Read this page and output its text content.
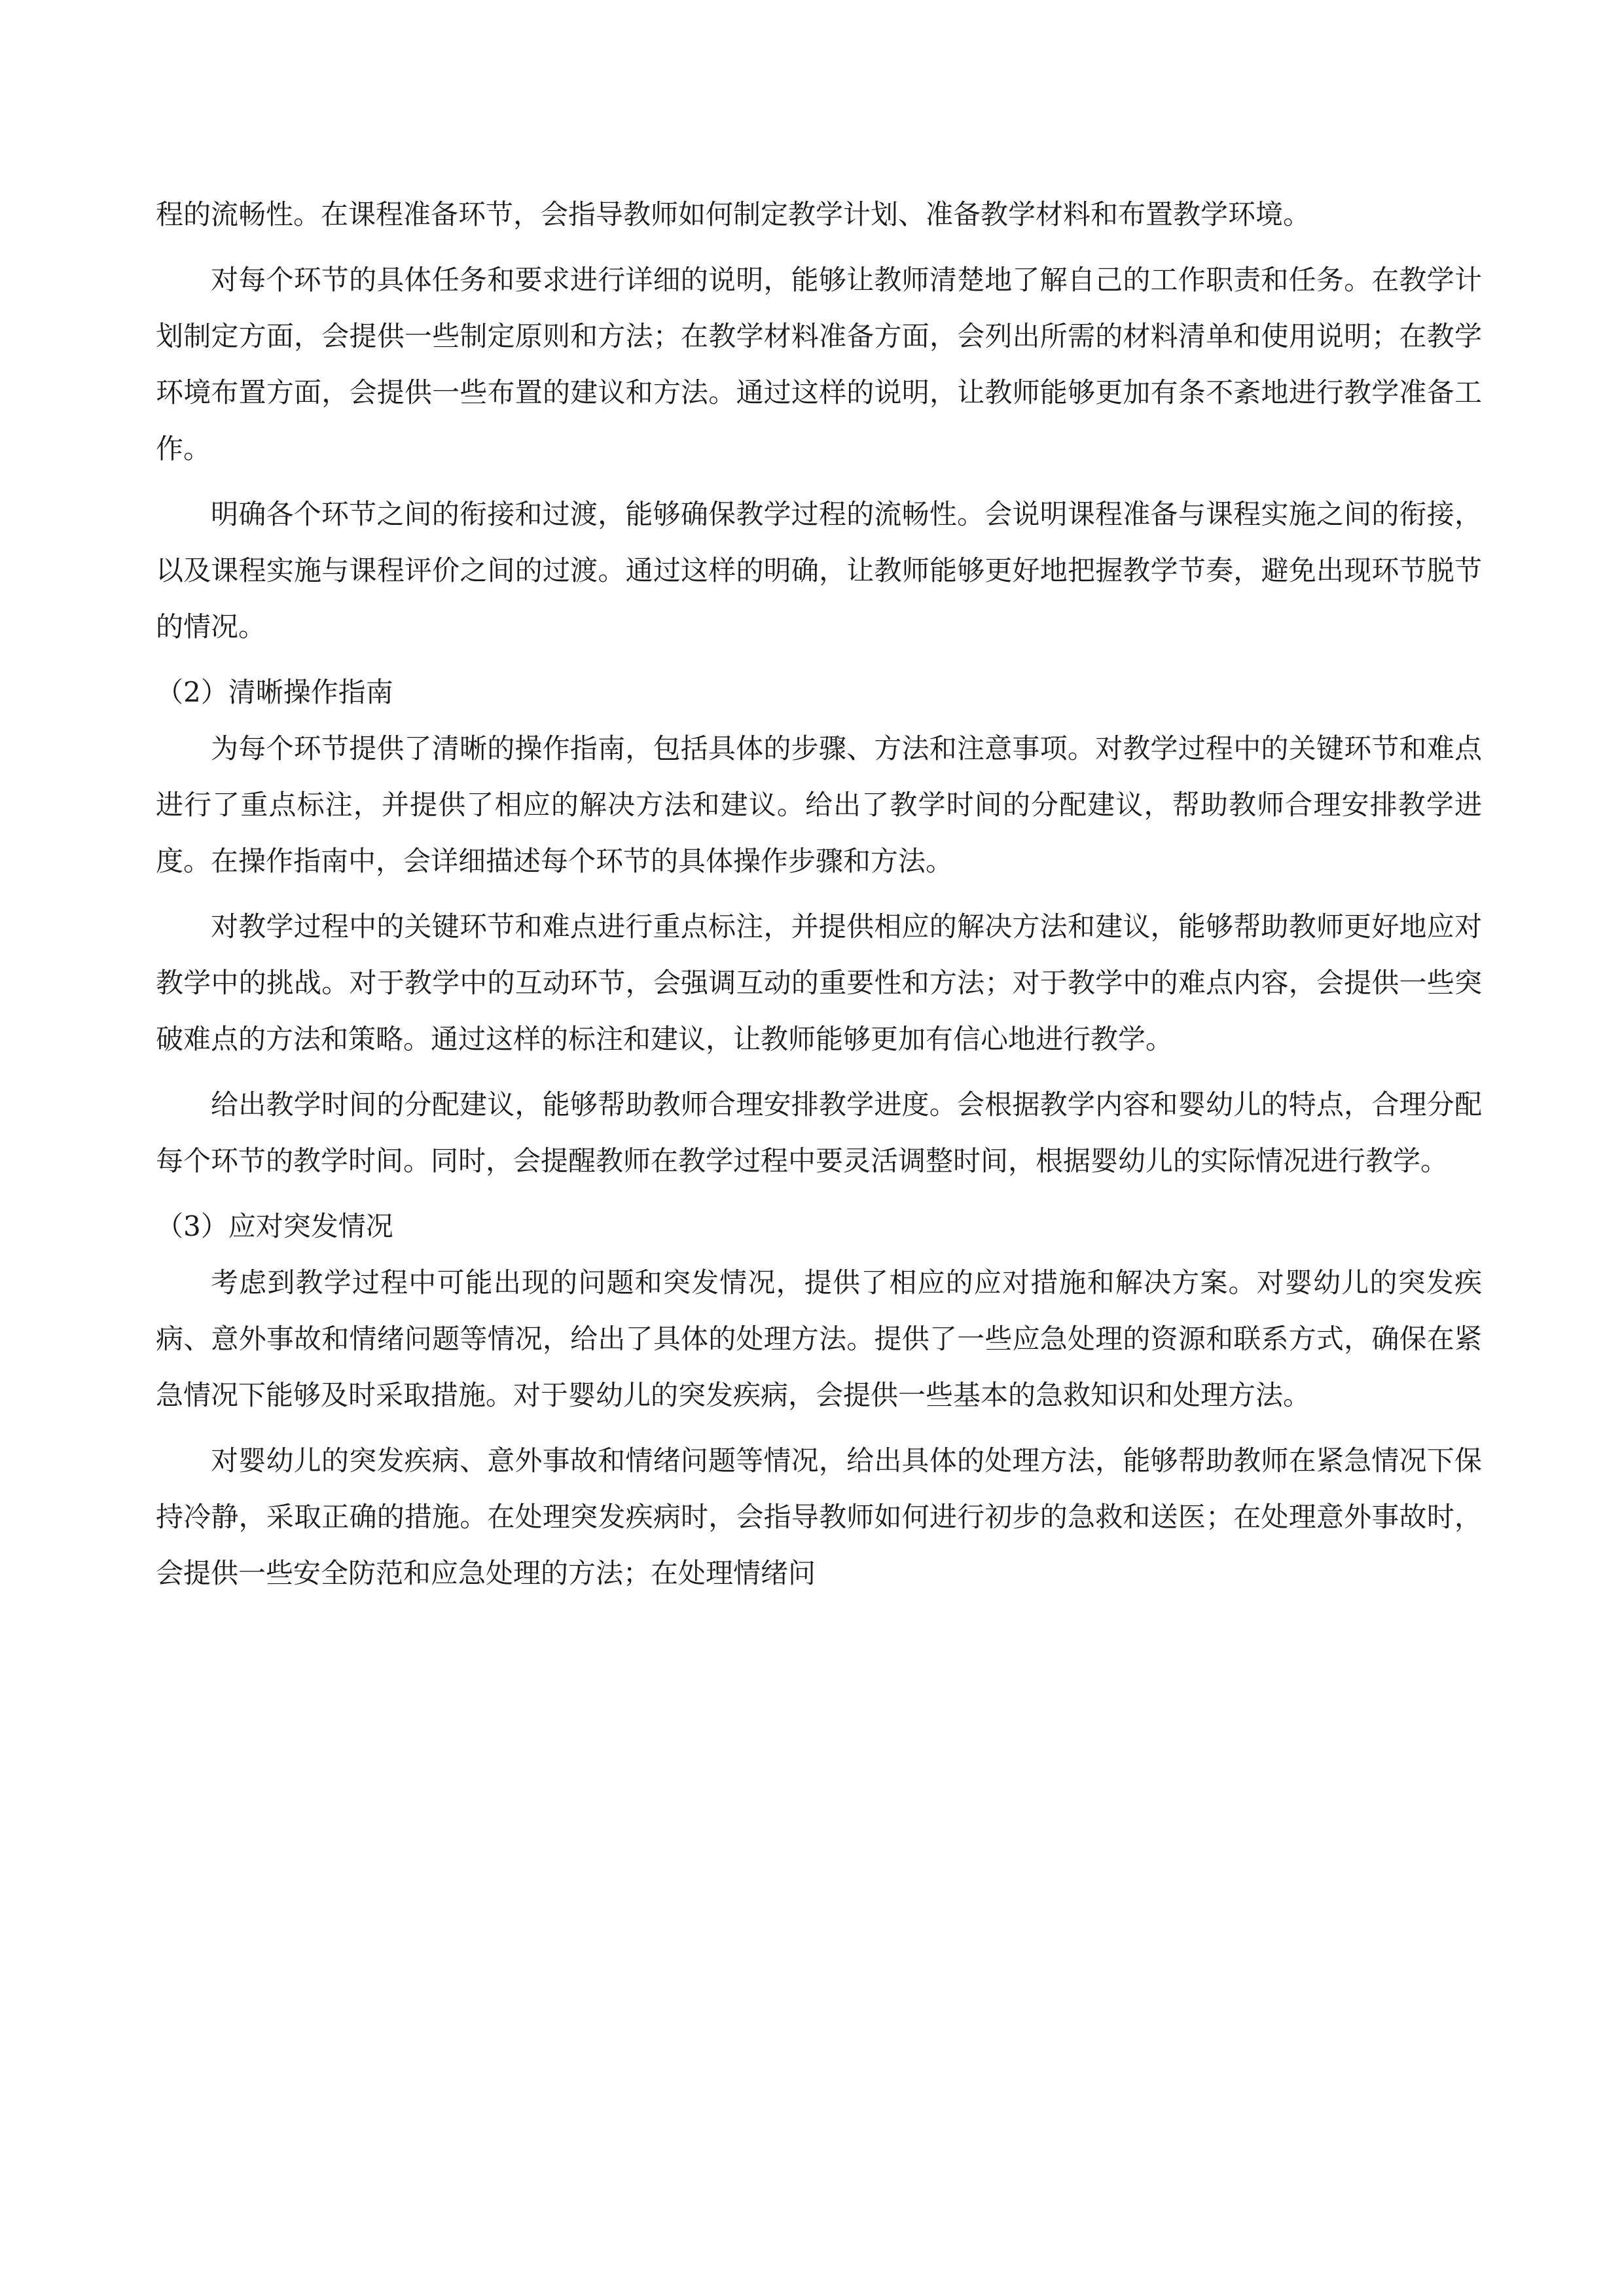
程的流畅性。在课程准备环节，会指导教师如何制定教学计划、准备教学材料和布置教学环境。

对每个环节的具体任务和要求进行详细的说明，能够让教师清楚地了解自己的工作职责和任务。在教学计划制定方面，会提供一些制定原则和方法；在教学材料准备方面，会列出所需的材料清单和使用说明；在教学环境布置方面，会提供一些布置的建议和方法。通过这样的说明，让教师能够更加有条不紊地进行教学准备工作。

明确各个环节之间的衔接和过渡，能够确保教学过程的流畅性。会说明课程准备与课程实施之间的衔接，以及课程实施与课程评价之间的过渡。通过这样的明确，让教师能够更好地把握教学节奏，避免出现环节脱节的情况。

（2）清晰操作指南

为每个环节提供了清晰的操作指南，包括具体的步骤、方法和注意事项。对教学过程中的关键环节和难点进行了重点标注，并提供了相应的解决方法和建议。给出了教学时间的分配建议，帮助教师合理安排教学进度。在操作指南中，会详细描述每个环节的具体操作步骤和方法。

对教学过程中的关键环节和难点进行重点标注，并提供相应的解决方法和建议，能够帮助教师更好地应对教学中的挑战。对于教学中的互动环节，会强调互动的重要性和方法；对于教学中的难点内容，会提供一些突破难点的方法和策略。通过这样的标注和建议，让教师能够更加有信心地进行教学。

给出教学时间的分配建议，能够帮助教师合理安排教学进度。会根据教学内容和婴幼儿的特点，合理分配每个环节的教学时间。同时，会提醒教师在教学过程中要灵活调整时间，根据婴幼儿的实际情况进行教学。

（3）应对突发情况

考虑到教学过程中可能出现的问题和突发情况，提供了相应的应对措施和解决方案。对婴幼儿的突发疾病、意外事故和情绪问题等情况，给出了具体的处理方法。提供了一些应急处理的资源和联系方式，确保在紧急情况下能够及时采取措施。对于婴幼儿的突发疾病，会提供一些基本的急救知识和处理方法。

对婴幼儿的突发疾病、意外事故和情绪问题等情况，给出具体的处理方法，能够帮助教师在紧急情况下保持冷静，采取正确的措施。在处理突发疾病时，会指导教师如何进行初步的急救和送医；在处理意外事故时，会提供一些安全防范和应急处理的方法；在处理情绪问
